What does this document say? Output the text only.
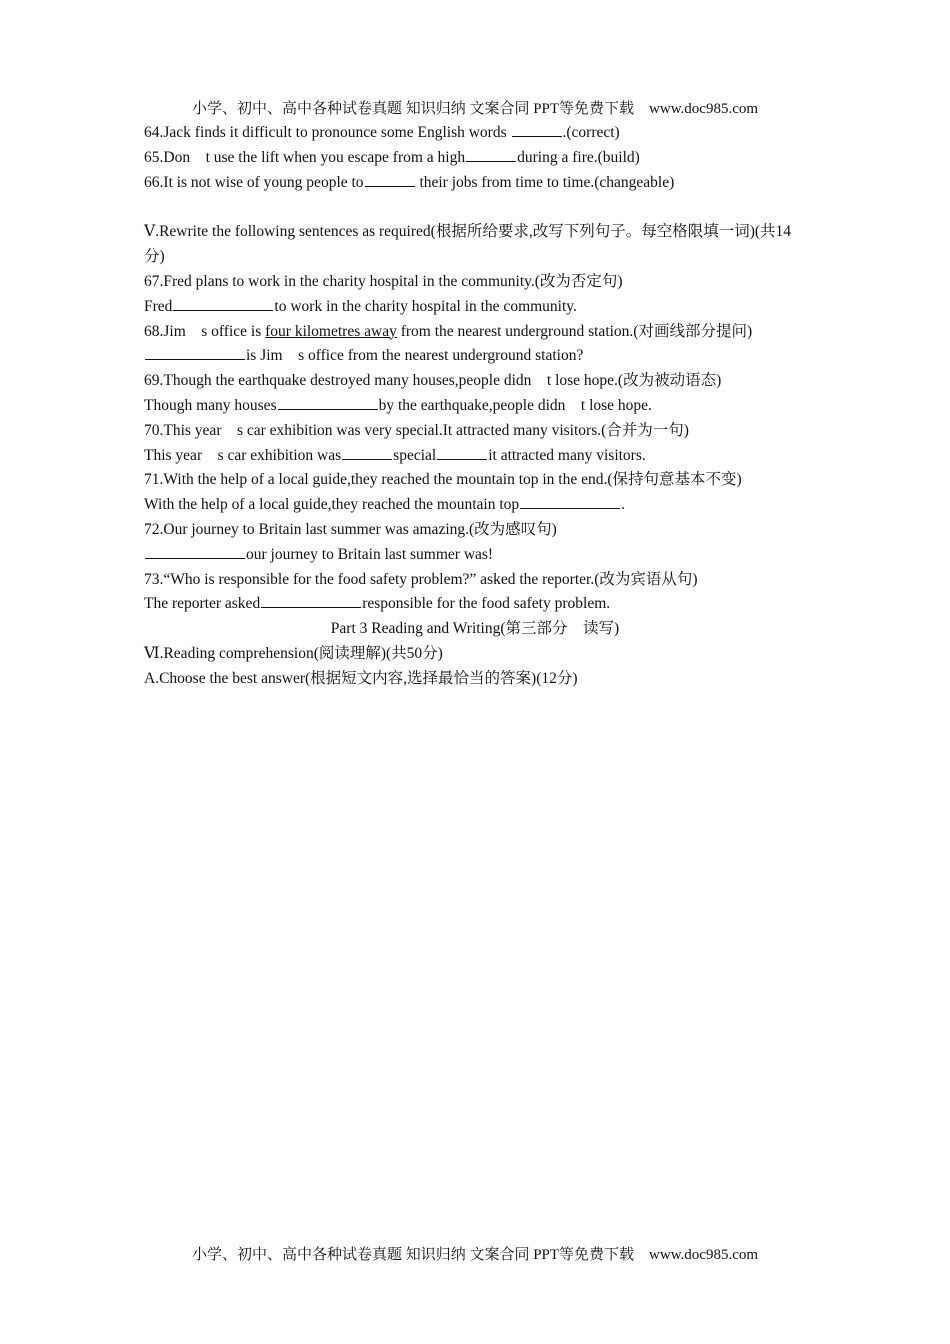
小学、初中、高中各种试卷真题 知识归纳 文案合同 PPT等免费下载　www.doc985.com
64.Jack finds it difficult to pronounce some English words	.(correct)
65.Don　t use the lift when you escape from a high	during a fire.(build)
66.It is not wise of young people to	their jobs from time to time.(changeable)
Ⅴ.Rewrite the following sentences as required(根据所给要求,改写下列句子。每空格限填一词)(共14分)
67.Fred plans to work in the charity hospital in the community.(改为否定句)
Fred	to work in the charity hospital in the community.
68.Jim　s office is four kilometres away from the nearest underground station.(对画线部分提问)
is Jim　s office from the nearest underground station?
69.Though the earthquake destroyed many houses,people didn　t lose hope.(改为被动语态)
Though many houses	by the earthquake,people didn　t lose hope.
70.This year　s car exhibition was very special.It attracted many visitors.(合并为一句)
This year　s car exhibition was	special	it attracted many visitors.
71.With the help of a local guide,they reached the mountain top in the end.(保持句意基本不变)
With the help of a local guide,they reached the mountain top	.
72.Our journey to Britain last summer was amazing.(改为感叹句)
our journey to Britain last summer was!
73.“Who is responsible for the food safety problem?” asked the reporter.(改为宾语从句)
The reporter asked	responsible for the food safety problem.
Part 3 Reading and Writing(第三部分　读写)
Ⅵ.Reading comprehension(阅读理解)(共50分)
A.Choose the best answer(根据短文内容,选择最恰当的答案)(12分)
小学、初中、高中各种试卷真题 知识归纳 文案合同 PPT等免费下载　www.doc985.com
